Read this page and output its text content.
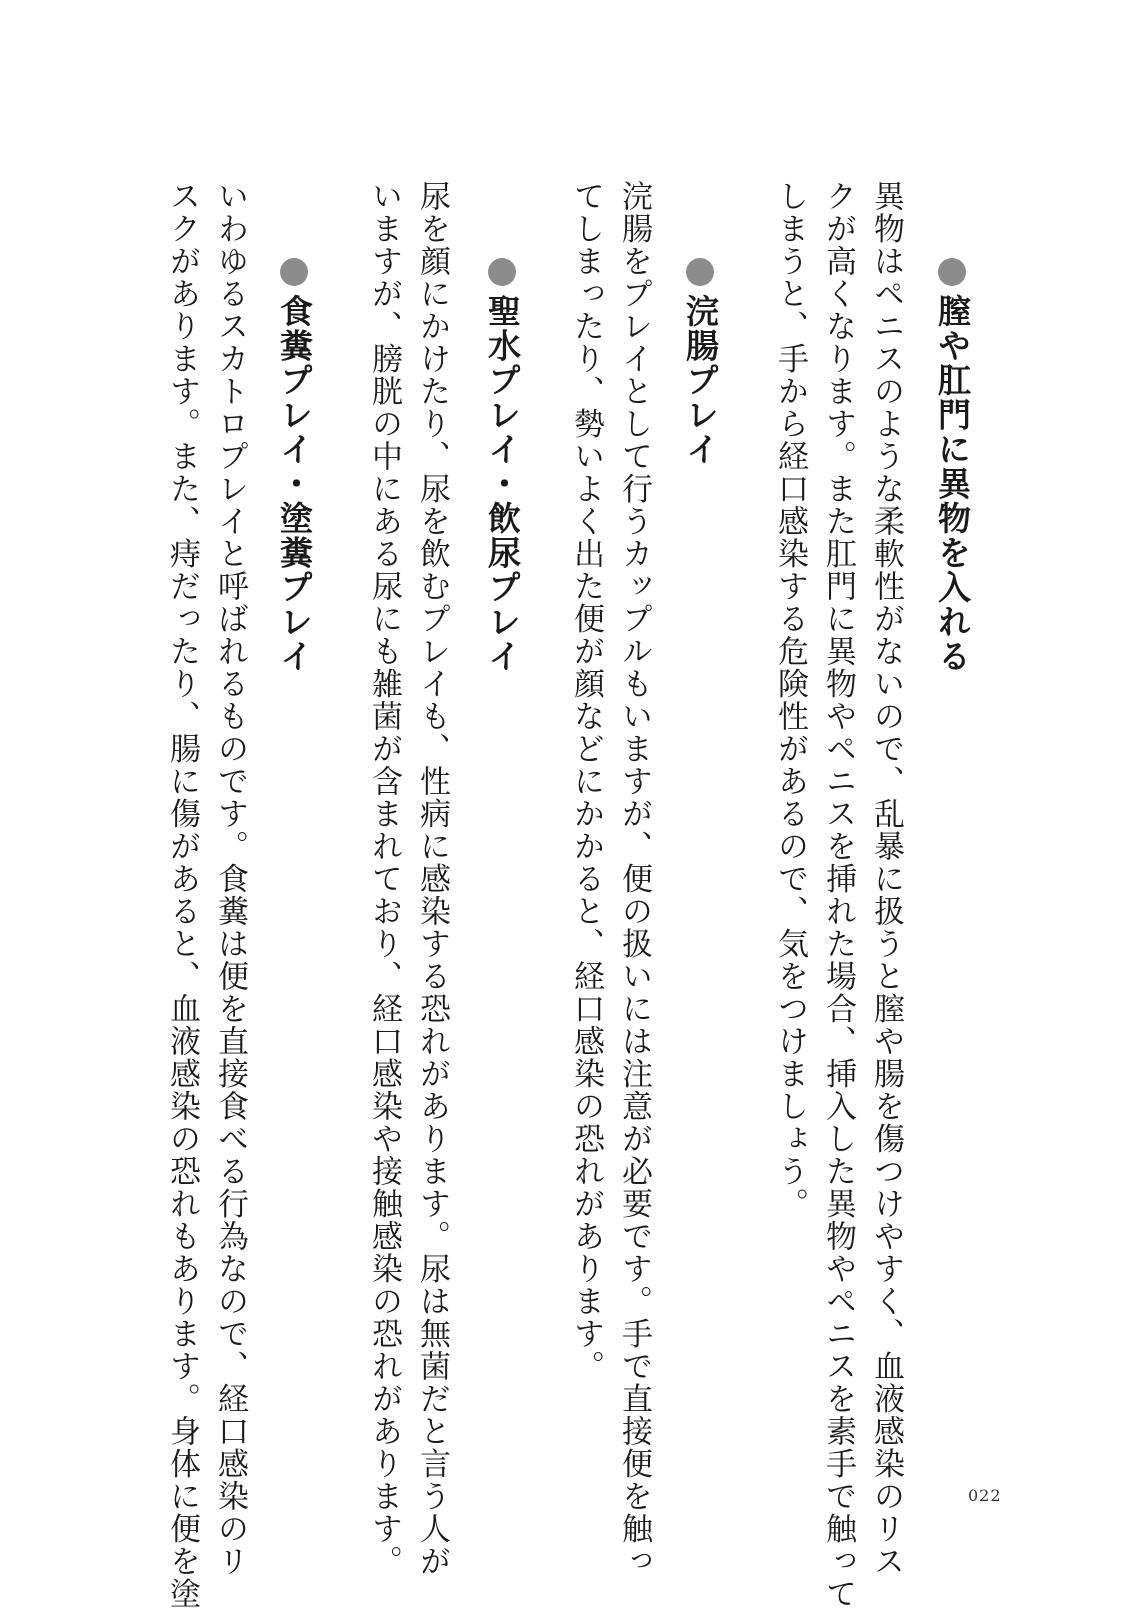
膣や肛門に異物を入れる
異物はペニスのような柔軟性がないので、乱暴に扱うと膣や腸を傷つけやすく、血液感染のリス
クが高くなります。また肛門に異物やペニスを挿れた場合、挿入した異物やペニスを素手で触って
しまうと、手から経口感染する危険性があるので、気をつけましょう。
浣腸プレイ
浣腸をプレイとして行うカップルもいますが、便の扱いには注意が必要です。手で直接便を触っ
てしまったり、勢いよく出た便が顔などにかかると、経口感染の恐れがあります。
聖水プレイ・飲尿プレイ
尿を顔にかけたり、尿を飲むプレイも、性病に感染する恐れがあります。尿は無菌だと言う人が
いますが、膀胱の中にある尿にも雑菌が含まれており、経口感染や接触感染の恐れがあります。
食糞プレイ・塗糞プレイ
いわゆるスカトロプレイと呼ばれるものです。食糞は便を直接食べる行為なので、経口感染のリ
スクがあります。また、痔だったり、腸に傷があると、血液感染の恐れもあります。身体に便を塗	022
